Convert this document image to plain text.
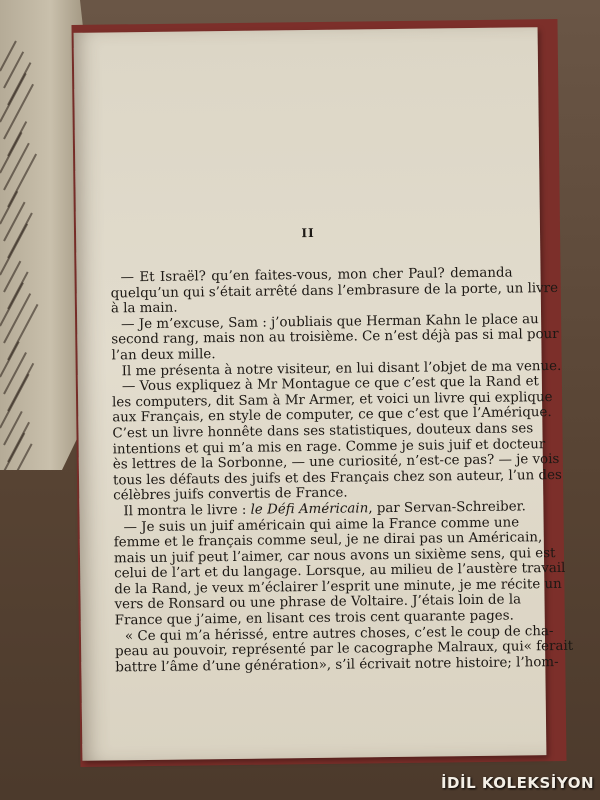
II
— Et Israël? qu’en faites-vous, mon cher Paul? demanda
quelqu’un qui s’était arrêté dans l’embrasure de la porte, un livre
à la main.
— Je m’excuse, Sam : j’oubliais que Herman Kahn le place au
second rang, mais non au troisième. Ce n’est déjà pas si mal pour
l’an deux mille.
Il me présenta à notre visiteur, en lui disant l’objet de ma venue.
— Vous expliquez à Mr Montague ce que c’est que la Rand et
les computers, dit Sam à Mr Armer, et voici un livre qui explique
aux Français, en style de computer, ce que c’est que l’Amérique.
C’est un livre honnête dans ses statistiques, douteux dans ses
intentions et qui m’a mis en rage. Comme je suis juif et docteur
ès lettres de la Sorbonne, — une curiosité, n’est-ce pas? — je vois
tous les défauts des juifs et des Français chez son auteur, l’un des
célèbres juifs convertis de France.
Il montra le livre : le Défi Américain, par Servan-Schreiber.
— Je suis un juif américain qui aime la France comme une
femme et le français comme seul, je ne dirai pas un Américain,
mais un juif peut l’aimer, car nous avons un sixième sens, qui est
celui de l’art et du langage. Lorsque, au milieu de l’austère travail
de la Rand, je veux m’éclairer l’esprit une minute, je me récite un
vers de Ronsard ou une phrase de Voltaire. J’étais loin de la
France que j’aime, en lisant ces trois cent quarante pages.
« Ce qui m’a hérissé, entre autres choses, c’est le coup de cha-
peau au pouvoir, représenté par le cacographe Malraux, qui« ferait
battre l’âme d’une génération», s’il écrivait notre histoire; l’hom-
İDİL KOLEKSİYON
